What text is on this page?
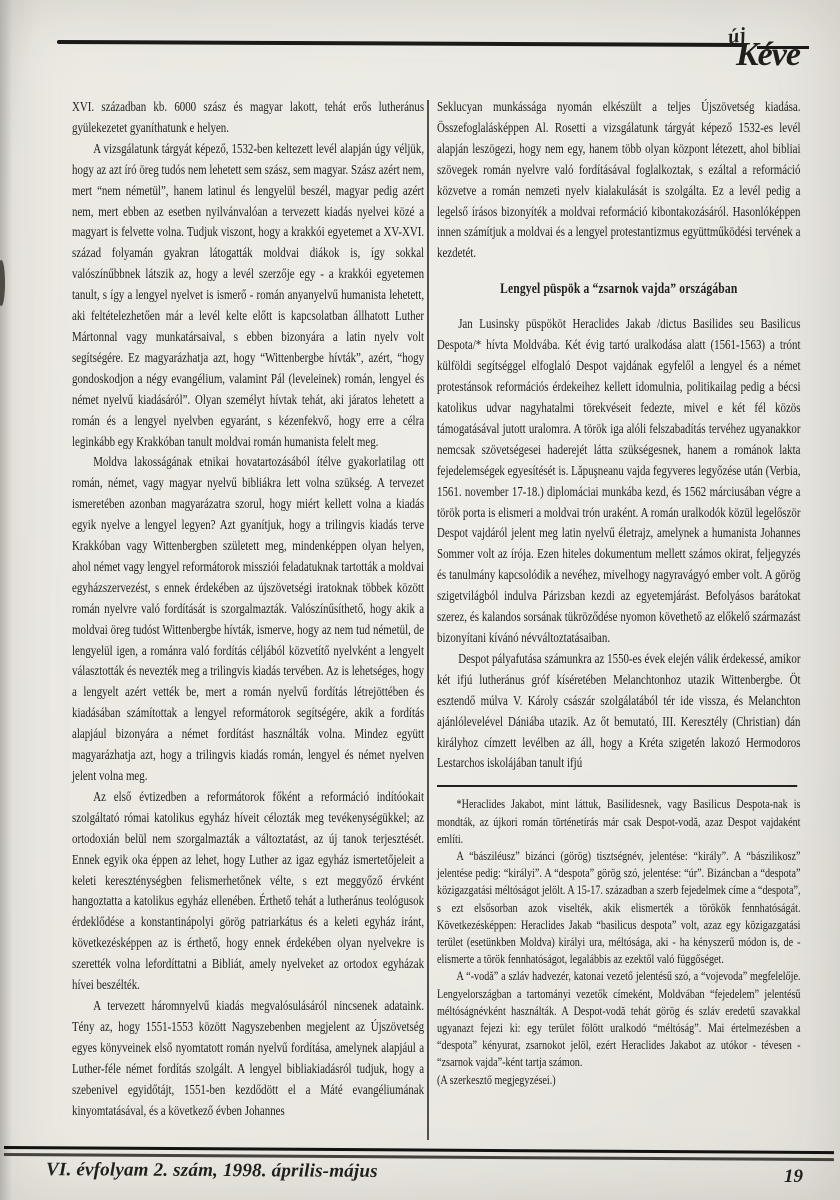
új
Kéve

XVI. században kb. 6000 szász és magyar lakott, tehát erős lutheránus gyülekezetet gyaníthatunk e helyen.

A vizsgálatunk tárgyát képező, 1532-ben keltezett levél alapján úgy véljük, hogy az azt író öreg tudós nem lehetett sem szász, sem magyar. Szász azért nem, mert “nem németül”, hanem latinul és lengyelül beszél, magyar pedig azért nem, mert ebben az esetben nyilvánvalóan a tervezett kiadás nyelvei közé a magyart is felvette volna. Tudjuk viszont, hogy a krakkói egyetemet a XV-XVI. század folyamán gyakran látogatták moldvai diákok is, így sokkal valószínűbbnek látszik az, hogy a levél szerzője egy - a krakkói egyetemen tanult, s így a lengyel nyelvet is ismerő - román anyanyelvű humanista lehetett, aki feltételezhetően már a levél kelte előtt is kapcsolatban állhatott Luther Mártonnal vagy munkatársaival, s ebben bizonyára a latin nyelv volt segítségére. Ez magyarázhatja azt, hogy “Wittenbergbe hívták”, azért, “hogy gondoskodjon a négy evangélium, valamint Pál (leveleinek) román, lengyel és német nyelvű kiadásáról”. Olyan személyt hívtak tehát, aki járatos lehetett a román és a lengyel nyelvben egyaránt, s kézenfekvő, hogy erre a célra leginkább egy Krakkóban tanult moldvai román humanista felelt meg.

Moldva lakosságának etnikai hovatartozásából ítélve gyakorlatilag ott román, német, vagy magyar nyelvű bibliákra lett volna szükség. A tervezet ismeretében azonban magyarázatra szorul, hogy miért kellett volna a kiadás egyik nyelve a lengyel legyen? Azt gyanítjuk, hogy a trilingvis kiadás terve Krakkóban vagy Wittenbergben született meg, mindenképpen olyan helyen, ahol német vagy lengyel reformátorok missziói feladatuknak tartották a moldvai egyházszervezést, s ennek érdekében az újszövetségi iratoknak többek között román nyelvre való fordítását is szorgalmazták. Valószínűsíthető, hogy akik a moldvai öreg tudóst Wittenbergbe hívták, ismerve, hogy az nem tud németül, de lengyelül igen, a románra való fordítás céljából közvetítő nyelvként a lengyelt választották és nevezték meg a trilingvis kiadás tervében. Az is lehetséges, hogy a lengyelt azért vették be, mert a román nyelvű fordítás létrejöttében és kiadásában számítottak a lengyel reformátorok segítségére, akik a fordítás alapjául bizonyára a német fordítást használták volna. Mindez együtt magyarázhatja azt, hogy a trilingvis kiadás román, lengyel és német nyelven jelent volna meg.

Az első évtizedben a reformátorok főként a reformáció indítóokait szolgáltató római katolikus egyház híveit célozták meg tevékenységükkel; az ortodoxián belül nem szorgalmazták a változtatást, az új tanok terjesztését. Ennek egyik oka éppen az lehet, hogy Luther az igaz egyház ismertetőjeleit a keleti kereszténységben felismerhetőnek vélte, s ezt meggyőző érvként hangoztatta a katolikus egyház ellenében. Érthető tehát a lutheránus teológusok érdeklődése a konstantinápolyi görög patriarkátus és a keleti egyház iránt, következésképpen az is érthető, hogy ennek érdekében olyan nyelvekre is szerették volna lefordíttatni a Bibliát, amely nyelveket az ortodox egyházak hívei beszélték.

A tervezett háromnyelvű kiadás megvalósulásáról nincsenek adataink. Tény az, hogy 1551-1553 között Nagyszebenben megjelent az Újszövetség egyes könyveinek első nyomtatott román nyelvű fordítása, amelynek alapjául a Luther-féle német fordítás szolgált. A lengyel bibliakiadásról tudjuk, hogy a szebenivel egyidőtájt, 1551-ben kezdődött el a Máté evangéliumának kinyomtatásával, és a következő évben Johannes

Seklucyan munkássága nyomán elkészült a teljes Újszövetség kiadása. Összefoglalásképpen Al. Rosetti a vizsgálatunk tárgyát képező 1532-es levél alapján leszögezi, hogy nem egy, hanem több olyan központ létezett, ahol bibliai szövegek román nyelvre való fordításával foglalkoztak, s ezáltal a reformáció közvetve a román nemzeti nyelv kialakulását is szolgálta. Ez a levél pedig a legelső írásos bizonyíték a moldvai reformáció kibontakozásáról. Hasonlóképpen innen számítjuk a moldvai és a lengyel protestantizmus együttműködési tervének a kezdetét.

Lengyel püspök a “zsarnok vajda” országában

Jan Lusinsky püspököt Heraclides Jakab /dictus Basilides seu Basilicus Despota/* hívta Moldvába. Két évig tartó uralkodása alatt (1561-1563) a trónt külföldi segítséggel elfoglaló Despot vajdának egyfelől a lengyel és a német protestánsok reformációs érdekeihez kellett idomulnia, politikailag pedig a bécsi katolikus udvar nagyhatalmi törekvéseit fedezte, mivel e két fél közös támogatásával jutott uralomra. A török iga alóli felszabadítás tervéhez ugyanakkor nemcsak szövetségesei haderejét látta szükségesnek, hanem a románok lakta fejedelemségek egyesítését is. Lăpuşneanu vajda fegyveres legyőzése után (Verbia, 1561. november 17-18.) diplomáciai munkába kezd, és 1562 márciusában végre a török porta is elismeri a moldvai trón uraként. A román uralkodók közül legelőször Despot vajdáról jelent meg latin nyelvű életrajz, amelynek a humanista Johannes Sommer volt az írója. Ezen hiteles dokumentum mellett számos okirat, feljegyzés és tanulmány kapcsolódik a nevéhez, mivelhogy nagyravágyó ember volt. A görög szigetvilágból indulva Párizsban kezdi az egyetemjárást. Befolyásos barátokat szerez, és kalandos sorsának tükröződése nyomon követhető az előkelő származást bizonyítani kívánó névváltoztatásaiban.

Despot pályafutása számunkra az 1550-es évek elején válik érdekessé, amikor két ifjú lutheránus gróf kíséretében Melanchtonhoz utazik Wittenbergbe. Öt esztendő múlva V. Károly császár szolgálatából tér ide vissza, és Melanchton ajánlólevelével Dániába utazik. Az őt bemutató, III. Keresztély (Christian) dán királyhoz címzett levélben az áll, hogy a Kréta szigetén lakozó Hermodoros Lestarchos iskolájában tanult ifjú

*Heraclides Jakabot, mint láttuk, Basilidesnek, vagy Basilicus Despota-nak is mondták, az újkori román történetírás már csak Despot-vodă, azaz Despot vajdaként említi.

A “básziléusz” bizánci (görög) tisztségnév, jelentése: “király”. A “bászilikosz” jelentése pedig: “királyi”. A “despota” görög szó, jelentése: “úr”. Bizáncban a “despota” közigazgatási méltóságot jelölt. A 15-17. században a szerb fejedelmek címe a “despota”, s ezt elsősorban azok viselték, akik elismerték a törökök fennhatóságát. Következésképpen: Heraclides Jakab “basilicus despota” volt, azaz egy közigazgatási terület (esetünkben Moldva) királyi ura, méltósága, aki - ha kényszerű módon is, de - elismerte a török fennhatóságot, legalábbis az ezektől való függőséget.

A “-vodă” a szláv hadvezér, katonai vezető jelentésű szó, a “vojevoda” megfelelője. Lengyelországban a tartományi vezetők címeként, Moldvában “fejedelem” jelentésű méltóságnévként használták. A Despot-vodă tehát görög és szláv eredetű szavakkal ugyanazt fejezi ki: egy terület fölött uralkodó “méltóság”. Mai értelmezésben a “despota” kényurat, zsarnokot jelöl, ezért Heraclides Jakabot az utókor - tévesen - “zsarnok vajda”-ként tartja számon.

(A szerkesztő megjegyzései.)

VI. évfolyam 2. szám, 1998. április-május	19
